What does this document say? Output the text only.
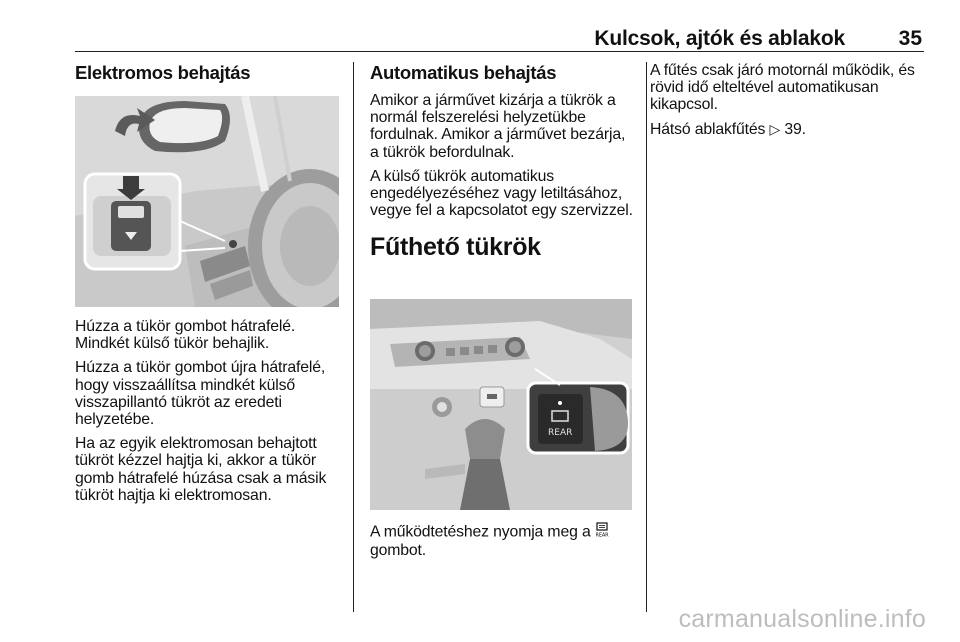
Kulcsok, ajtók és ablakok	35
Elektromos behajtás

Húzza a tükör gombot hátrafelé. Mindkét külső tükör behajlik.

Húzza a tükör gombot újra hátrafelé, hogy visszaállítsa mindkét külső visszapillantó tükröt az eredeti helyzetébe.

Ha az egyik elektromosan behajtott tükröt kézzel hajtja ki, akkor a tükör gomb hátrafelé húzása csak a másik tükröt hajtja ki elektromosan.

Automatikus behajtás

Amikor a járművet kizárja a tükrök a normál felszerelési helyzetükbe fordulnak. Amikor a járművet bezárja, a tükrök befordulnak.

A külső tükrök automatikus engedélyezéséhez vagy letiltásához, vegye fel a kapcsolatot egy szervizzel.

Fűthető tükrök
REAR

A működtetéshez nyomja meg a REAR
gombot.

A fűtés csak járó motornál működik, és rövid idő elteltével automatikusan kikapcsol.

Hátsó ablakfűtés ▷ 39.

carmanualsonline.info
